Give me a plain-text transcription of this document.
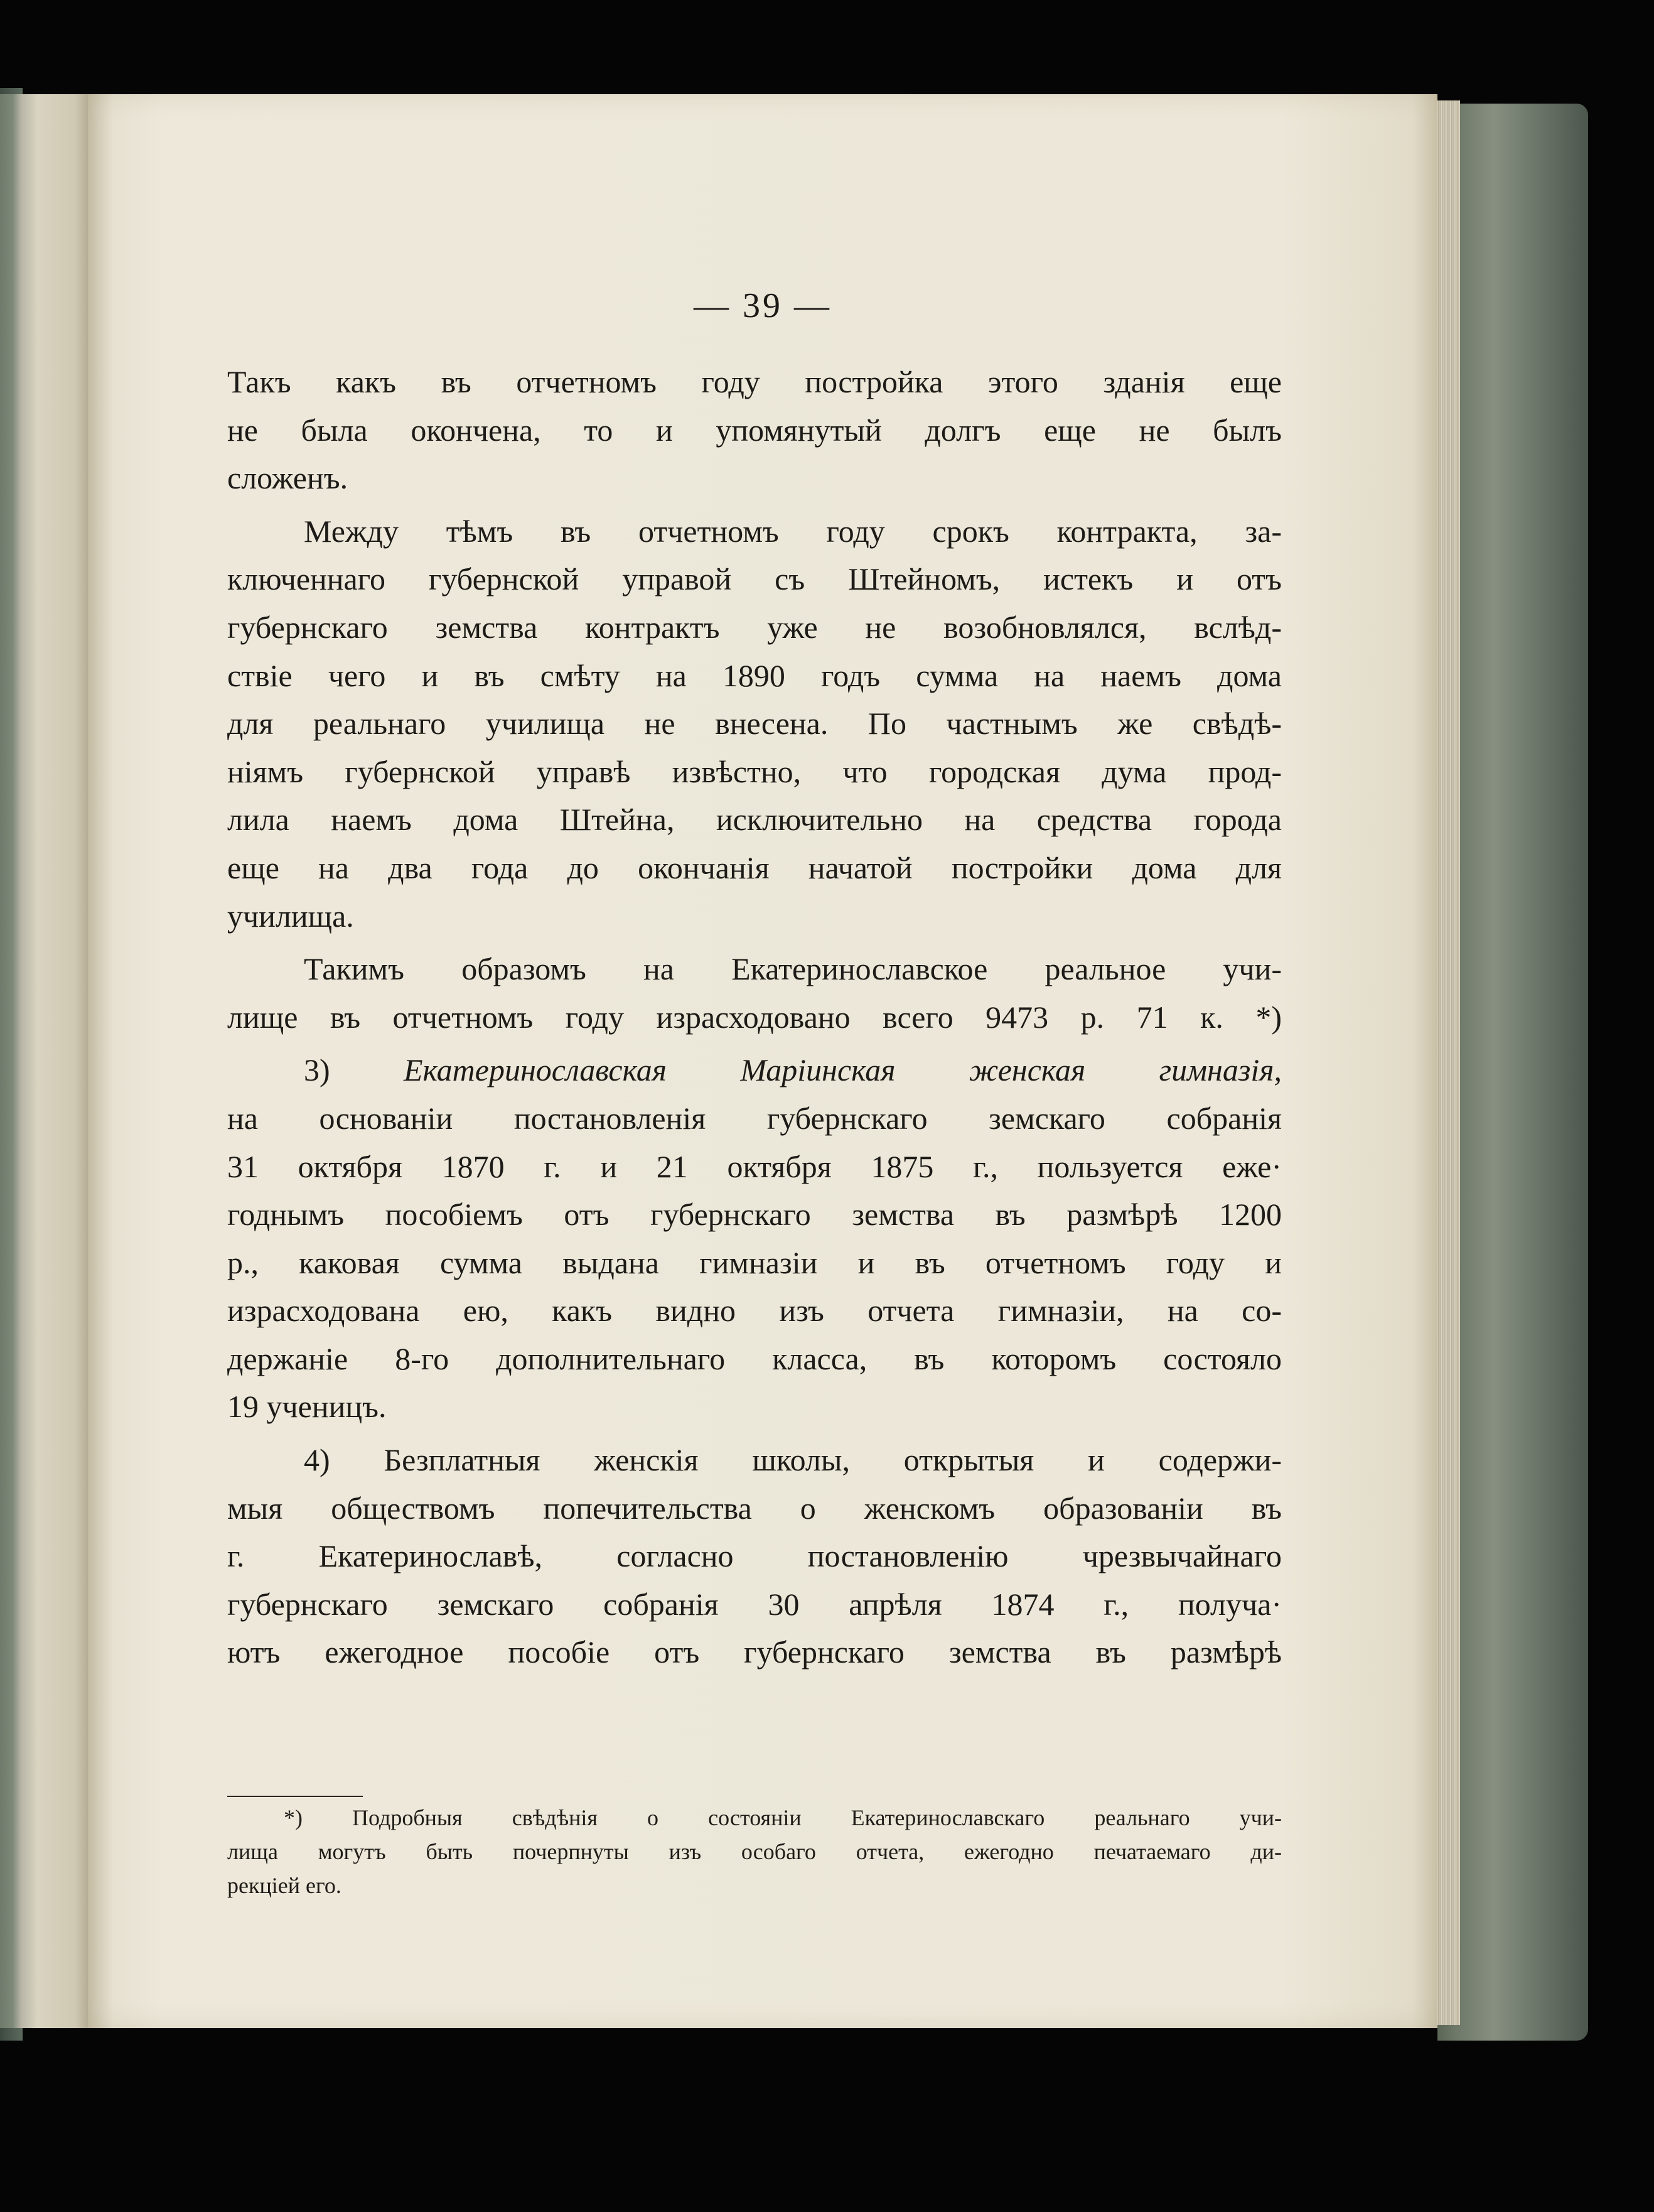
— 39 —
Такъ какъ въ отчетномъ году постройка этого зданія еще
не была окончена, то и упомянутый долгъ еще не былъ
сложенъ.
Между тѣмъ въ отчетномъ году срокъ контракта, за-
ключеннаго губернской управой съ Штейномъ, истекъ и отъ
губернскаго земства контрактъ уже не возобновлялся, вслѣд-
ствіе чего и въ смѣту на 1890 годъ сумма на наемъ дома
для реальнаго училища не внесена. По частнымъ же свѣдѣ-
ніямъ губернской управѣ извѣстно, что городская дума прод-
лила наемъ дома Штейна, исключительно на средства города
еще на два года до окончанія начатой постройки дома для
училища.
Такимъ образомъ на Екатеринославское реальное учи-
лище въ отчетномъ году израсходовано всего 9473 р. 71 к. *)
3) Екатеринославская Маріинская женская гимназія,
на основаніи постановленія губернскаго земскаго собранія
31 октября 1870 г. и 21 октября 1875 г., пользуется еже·
годнымъ пособіемъ отъ губернскаго земства въ размѣрѣ 1200
р., каковая сумма выдана гимназіи и въ отчетномъ году и
израсходована ею, какъ видно изъ отчета гимназіи, на со-
держаніе 8-го дополнительнаго класса, въ которомъ состояло
19 ученицъ.
4) Безплатныя женскія школы, открытыя и содержи-
мыя обществомъ попечительства о женскомъ образованіи въ
г. Екатеринославѣ, согласно постановленію чрезвычайнаго
губернскаго земскаго собранія 30 апрѣля 1874 г., получа·
ютъ ежегодное пособіе отъ губернскаго земства въ размѣрѣ
*) Подробныя свѣдѣнія о состояніи Екатеринославскаго реальнаго учи-
лища могутъ быть почерпнуты изъ особаго отчета, ежегодно печатаемаго ди-
рекціей его.
